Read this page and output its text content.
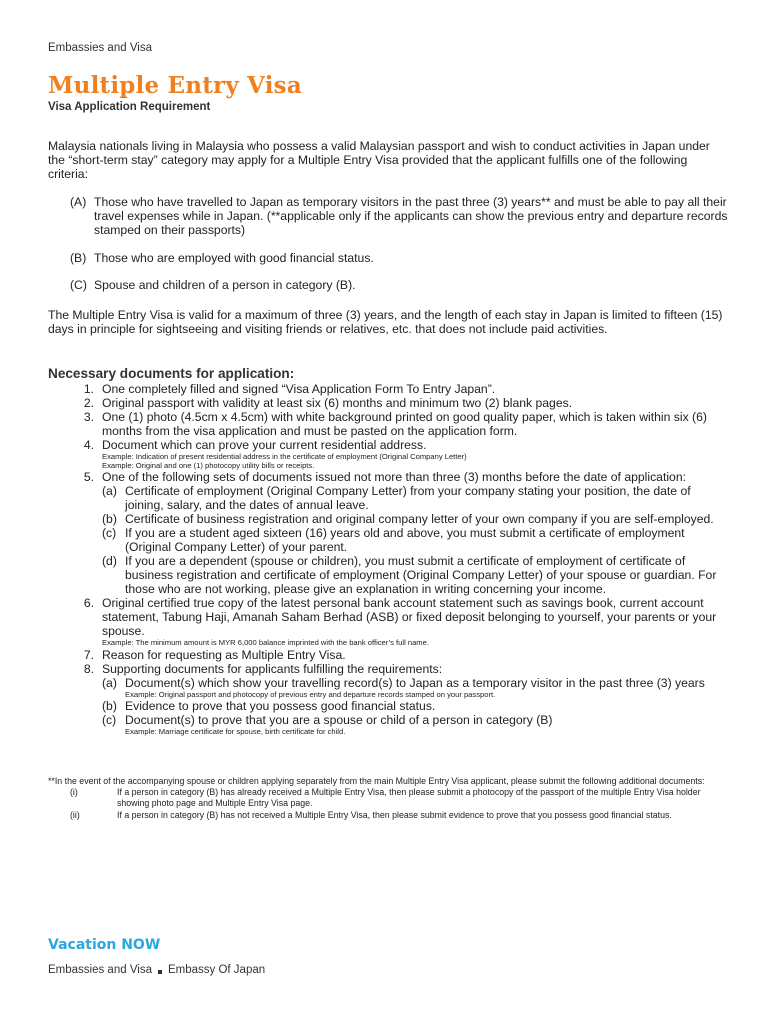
Embassies and Visa
Multiple Entry Visa
Visa Application Requirement

Malaysia nationals living in Malaysia who possess a valid Malaysian passport and wish to conduct activities in Japan under the “short-term stay” category may apply for a Multiple Entry Visa provided that the applicant fulfills one of the following criteria:

(A) Those who have travelled to Japan as temporary visitors in the past three (3) years** and must be able to pay all their travel expenses while in Japan. (**applicable only if the applicants can show the previous entry and departure records stamped on their passports)
(B) Those who are employed with good financial status.
(C) Spouse and children of a person in category (B).

The Multiple Entry Visa is valid for a maximum of three (3) years, and the length of each stay in Japan is limited to fifteen (15) days in principle for sightseeing and visiting friends or relatives, etc. that does not include paid activities.

Necessary documents for application:
1. One completely filled and signed “Visa Application Form To Entry Japan”.
2. Original passport with validity at least six (6) months and minimum two (2) blank pages.
3. One (1) photo (4.5cm x 4.5cm) with white background printed on good quality paper, which is taken within six (6) months from the visa application and must be pasted on the application form.
4. Document which can prove your current residential address.
Example: Indication of present residential address in the certificate of employment (Original Company Letter)
Example: Original and one (1) photocopy utility bills or receipts.
5. One of the following sets of documents issued not more than three (3) months before the date of application:
(a) Certificate of employment (Original Company Letter) from your company stating your position, the date of joining, salary, and the dates of annual leave.
(b) Certificate of business registration and original company letter of your own company if you are self-employed.
(c) If you are a student aged sixteen (16) years old and above, you must submit a certificate of employment (Original Company Letter) of your parent.
(d) If you are a dependent (spouse or children), you must submit a certificate of employment of certificate of business registration and certificate of employment (Original Company Letter) of your spouse or guardian. For those who are not working, please give an explanation in writing concerning your income.
6. Original certified true copy of the latest personal bank account statement such as savings book, current account statement, Tabung Haji, Amanah Saham Berhad (ASB) or fixed deposit belonging to yourself, your parents or your spouse.
Example: The minimum amount is MYR 6,000 balance imprinted with the bank officer’s full name.
7. Reason for requesting as Multiple Entry Visa.
8. Supporting documents for applicants fulfilling the requirements:
(a) Document(s) which show your travelling record(s) to Japan as a temporary visitor in the past three (3) years
Example: Original passport and photocopy of previous entry and departure records stamped on your passport.
(b) Evidence to prove that you possess good financial status.
(c) Document(s) to prove that you are a spouse or child of a person in category (B)
Example: Marriage certificate for spouse, birth certificate for child.
**In the event of the accompanying spouse or children applying separately from the main Multiple Entry Visa applicant, please submit the following additional documents:
(i)	If a person in category (B) has already received a Multiple Entry Visa, then please submit a photocopy of the passport of the multiple Entry Visa holder showing photo page and Multiple Entry Visa page.
(ii)	If a person in category (B) has not received a Multiple Entry Visa, then please submit evidence to prove that you possess good financial status.
Vacation NOW
Embassies and Visa Embassy Of Japan
